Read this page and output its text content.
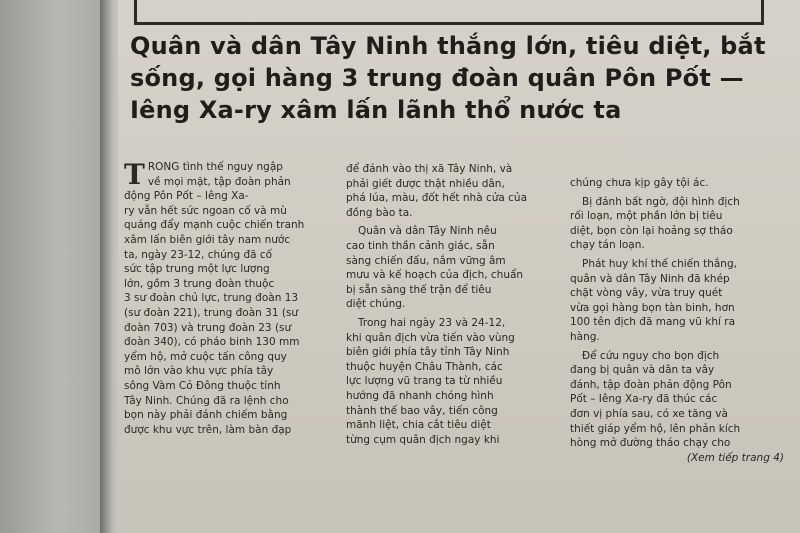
Quân và dân Tây Ninh thắng lớn, tiêu diệt, bắt sống, gọi hàng 3 trung đoàn quân Pôn Pốt — Iêng Xa-ry xâm lấn lãnh thổ nước ta
T RONG tình thế nguy ngập
về mọi mặt, tập đoàn phản
động Pôn Pốt – Iêng Xa-
ry vẫn hết sức ngoan cố và mù
quáng đẩy mạnh cuộc chiến tranh
xâm lấn biên giới tây nam nước
ta, ngày 23-12, chúng đã cố
sức tập trung một lực lượng
lớn, gồm 3 trung đoàn thuộc
3 sư đoàn chủ lực, trung đoàn 13
(sư đoàn 221), trung đoàn 31 (sư
đoàn 703) và trung đoàn 23 (sư
đoàn 340), có pháo binh 130 mm
yểm hộ, mở cuộc tấn công quy
mô lớn vào khu vực phía tây
sông Vàm Cỏ Đông thuộc tỉnh
Tây Ninh. Chúng đã ra lệnh cho
bọn này phải đánh chiếm bằng
được khu vực trên, làm bàn đạp
để đánh vào thị xã Tây Ninh, và
phải giết được thật nhiều dân,
phá lúa, màu, đốt hết nhà cửa của
đồng bào ta.
Quân và dân Tây Ninh nêu
cao tinh thần cảnh giác, sẵn
sàng chiến đấu, nắm vững âm
mưu và kế hoạch của địch, chuẩn
bị sẵn sàng thế trận để tiêu
diệt chúng.
Trong hai ngày 23 và 24-12,
khi quân địch vừa tiến vào vùng
biên giới phía tây tỉnh Tây Ninh
thuộc huyện Châu Thành, các
lực lượng vũ trang ta từ nhiều
hướng đã nhanh chóng hình
thành thế bao vây, tiến công
mãnh liệt, chia cắt tiêu diệt
từng cụm quân địch ngay khi
chúng chưa kịp gây tội ác.
Bị đánh bất ngờ, đội hình địch
rối loạn, một phần lớn bị tiêu
diệt, bọn còn lại hoảng sợ tháo
chạy tán loạn.
Phát huy khí thế chiến thắng,
quân và dân Tây Ninh đã khép
chặt vòng vây, vừa truy quét
vừa gọi hàng bọn tàn binh, hơn
100 tên địch đã mang vũ khí ra
hàng.
Để cứu nguy cho bọn địch
đang bị quân và dân ta vây
đánh, tập đoàn phản động Pôn
Pốt – Iêng Xa-ry đã thúc các
đơn vị phía sau, có xe tăng và
thiết giáp yểm hộ, lên phản kích
hòng mở đường tháo chạy cho
(Xem tiếp trang 4)
